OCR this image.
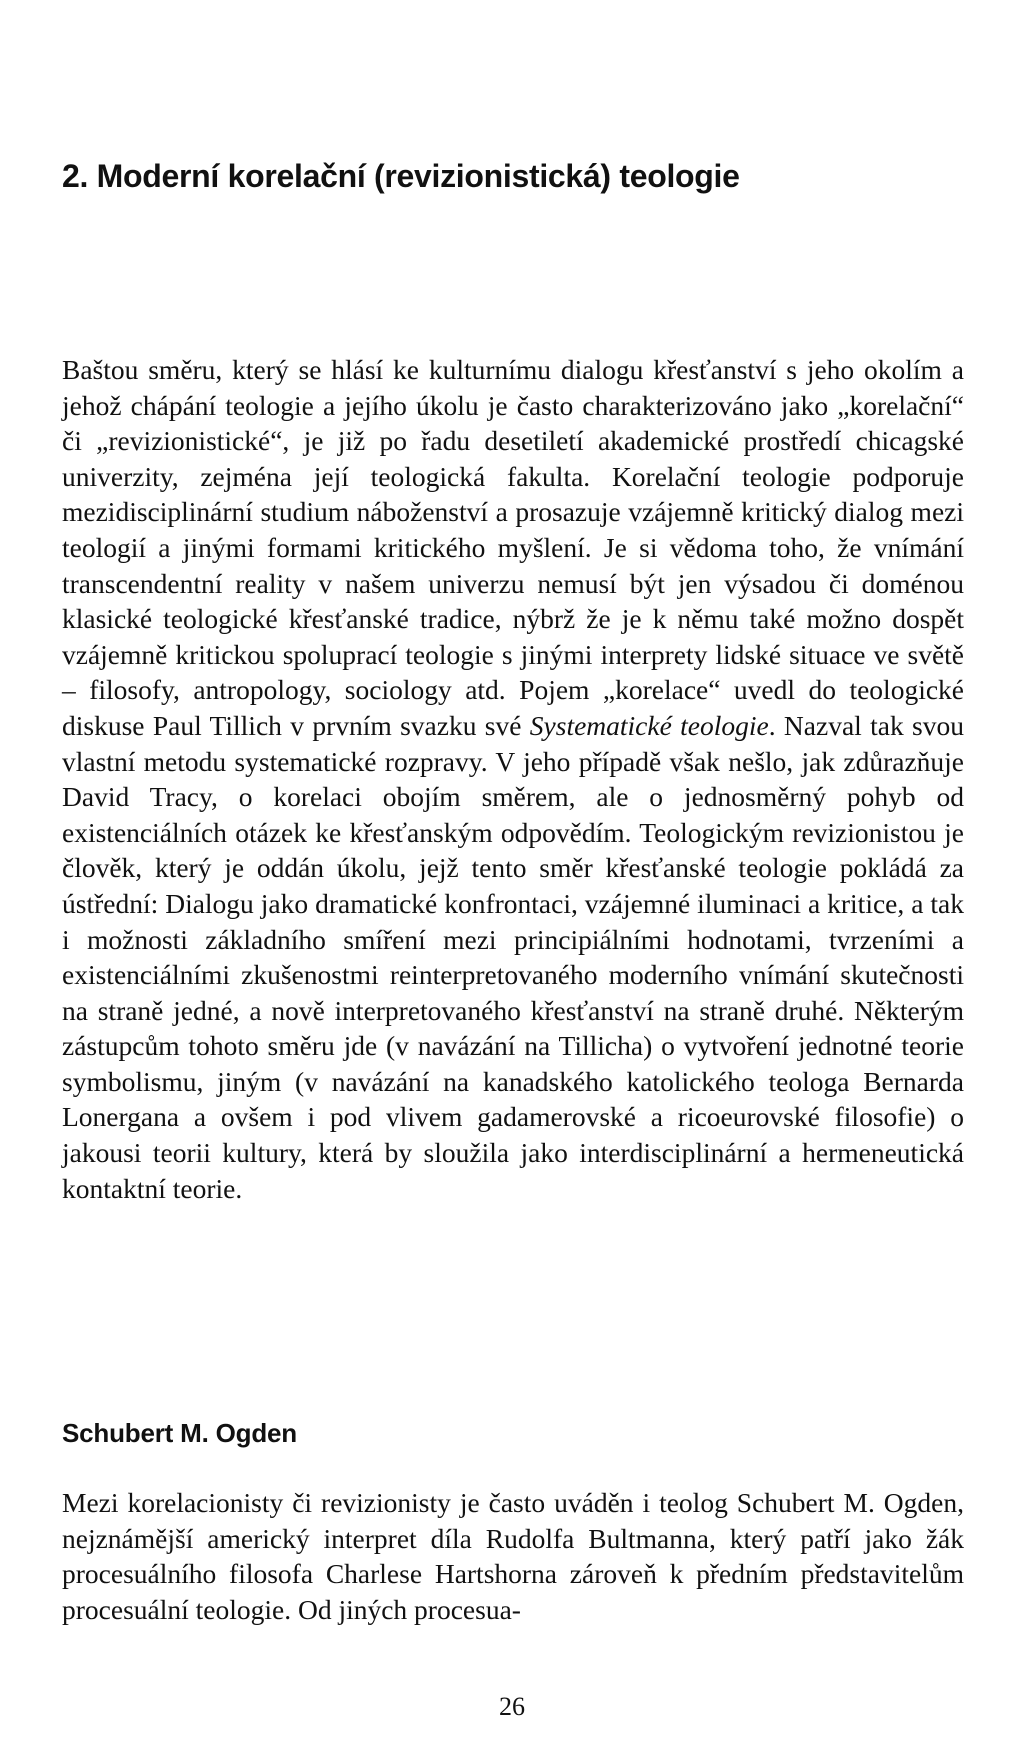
2. Moderní korelační (revizionistická) teologie

Baštou směru, který se hlásí ke kulturnímu dialogu křesťanství s jeho okolím a jehož chápání teologie a jejího úkolu je často charakterizováno jako „korelační“ či „revizionistické“, je již po řadu desetiletí akademické prostředí chicagské univerzity, zejména její teologická fakulta. Korelační teologie podporuje mezidisciplinární studium náboženství a prosazuje vzájemně kritický dialog mezi teologií a jinými formami kritického myšlení. Je si vědoma toho, že vnímání transcendentní reality v našem univerzu nemusí být jen výsadou či doménou klasické teologické křesťanské tradice, nýbrž že je k němu také možno dospět vzájemně kritickou spoluprací teologie s jinými interprety lidské situace ve světě – filosofy, antropology, sociology atd. Pojem „korelace“ uvedl do teologické diskuse Paul Tillich v prvním svazku své Systematické teologie. Nazval tak svou vlastní metodu systematické rozpravy. V jeho případě však nešlo, jak zdůrazňuje David Tracy, o korelaci obojím směrem, ale o jednosměrný pohyb od existenciálních otázek ke křesťanským odpovědím. Teologickým revizionistou je člověk, který je oddán úkolu, jejž tento směr křesťanské teologie pokládá za ústřední: Dialogu jako dramatické konfrontaci, vzájemné iluminaci a kritice, a tak i možnosti základního smíření mezi principiálními hodnotami, tvrzeními a existenciálními zkušenostmi reinterpretovaného moderního vnímání skutečnosti na straně jedné, a nově interpretovaného křesťanství na straně druhé. Některým zástupcům tohoto směru jde (v navázání na Tillicha) o vytvoření jednotné teorie symbolismu, jiným (v navázání na kanadského katolického teologa Bernarda Lonergana a ovšem i pod vlivem gadamerovské a ricoeurovské filosofie) o jakousi teorii kultury, která by sloužila jako interdisciplinární a hermeneutická kontaktní teorie.

Schubert M. Ogden

Mezi korelacionisty či revizionisty je často uváděn i teolog Schubert M. Ogden, nejznámější americký interpret díla Rudolfa Bultmanna, který patří jako žák procesuálního filosofa Charlese Hartshorna zároveň k předním představitelům procesuální teologie. Od jiných procesua-

26
